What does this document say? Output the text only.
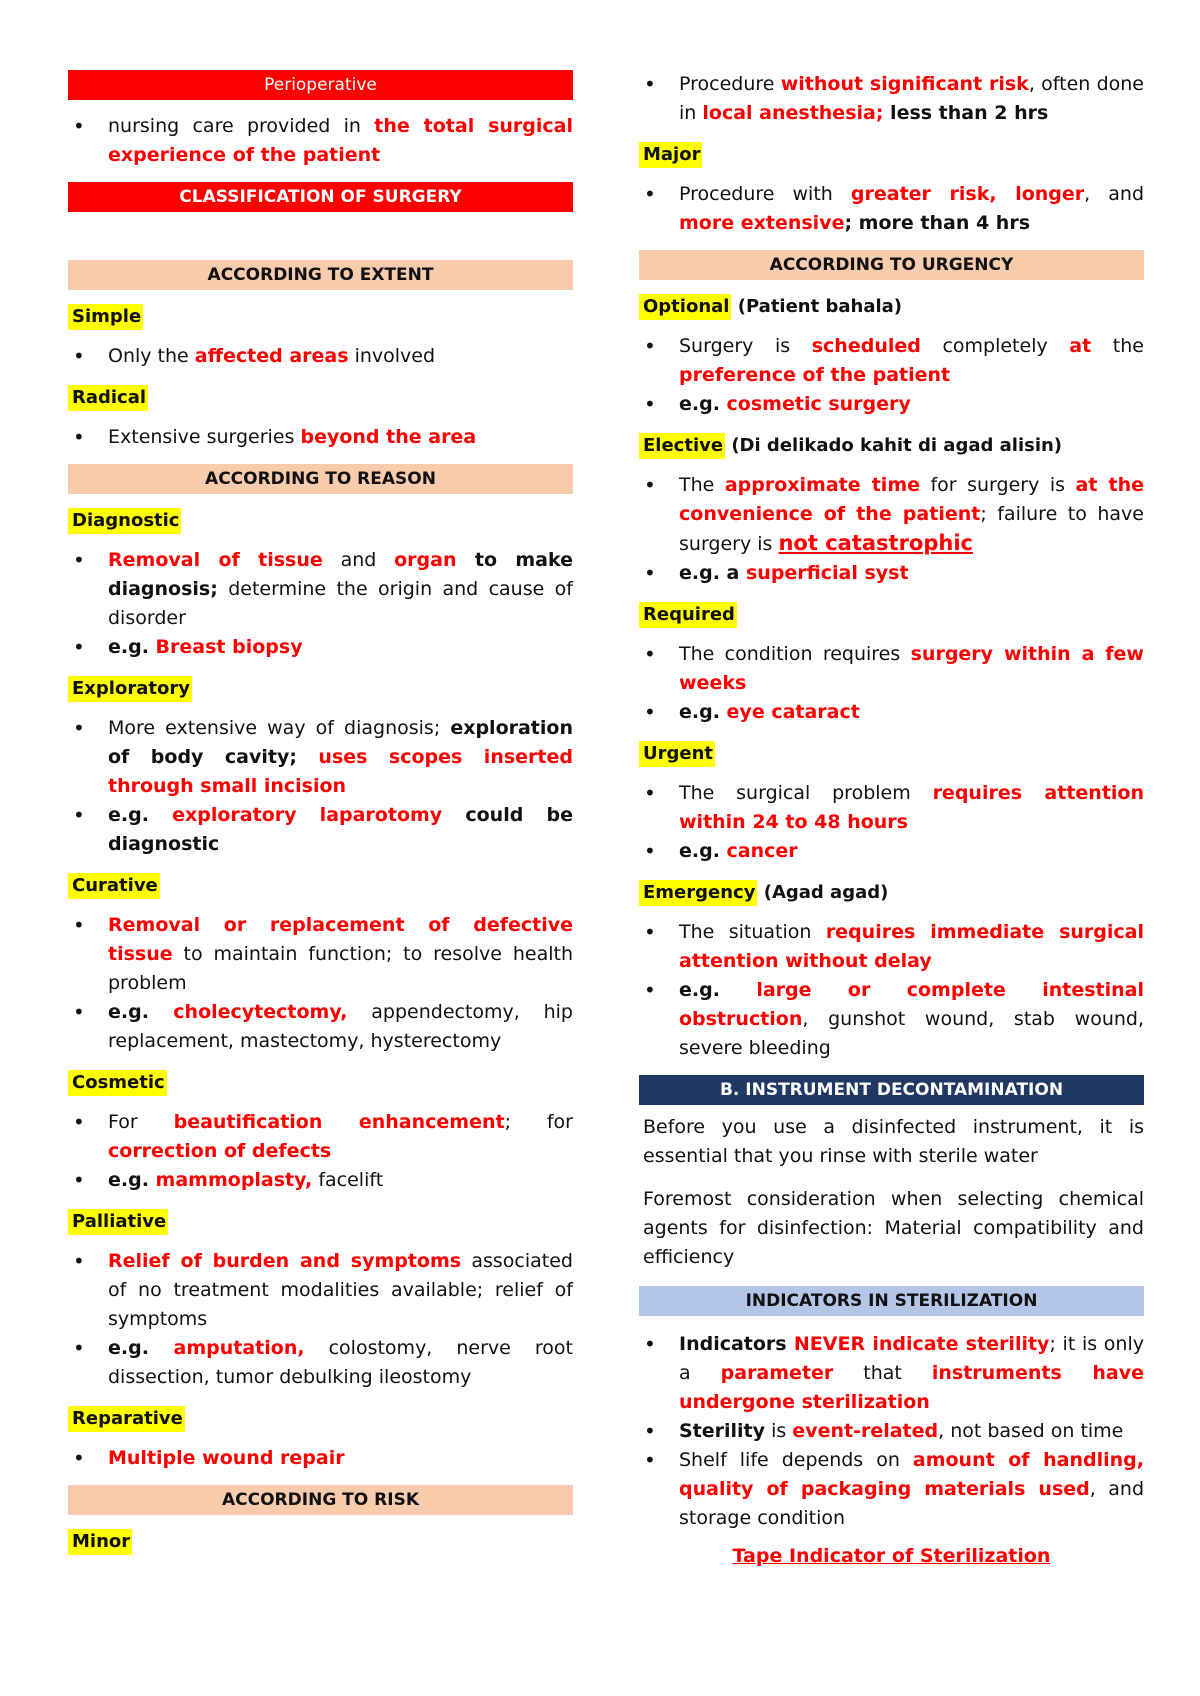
Perioperative
• nursing care provided in the total surgical experience of the patient
CLASSIFICATION OF SURGERY
ACCORDING TO EXTENT
Simple
• Only the affected areas involved
Radical
• Extensive surgeries beyond the area
ACCORDING TO REASON
Diagnostic
• Removal of tissue and organ to make diagnosis; determine the origin and cause of disorder
• e.g. Breast biopsy
Exploratory
• More extensive way of diagnosis; exploration of body cavity; uses scopes inserted through small incision
• e.g. exploratory laparotomy could be diagnostic
Curative
• Removal or replacement of defective tissue to maintain function; to resolve health problem
• e.g. cholecytectomy, appendectomy, hip replacement, mastectomy, hysterectomy
Cosmetic
• For beautification enhancement; for correction of defects
• e.g. mammoplasty, facelift
Palliative
• Relief of burden and symptoms associated of no treatment modalities available; relief of symptoms
• e.g. amputation, colostomy, nerve root dissection, tumor debulking ileostomy
Reparative
• Multiple wound repair
ACCORDING TO RISK
Minor
• Procedure without significant risk, often done in local anesthesia; less than 2 hrs
Major
• Procedure with greater risk, longer, and more extensive; more than 4 hrs
ACCORDING TO URGENCY
Optional (Patient bahala)
• Surgery is scheduled completely at the preference of the patient
• e.g. cosmetic surgery
Elective (Di delikado kahit di agad alisin)
• The approximate time for surgery is at the convenience of the patient; failure to have surgery is not catastrophic
• e.g. a superficial syst
Required
• The condition requires surgery within a few weeks
• e.g. eye cataract
Urgent
• The surgical problem requires attention within 24 to 48 hours
• e.g. cancer
Emergency (Agad agad)
• The situation requires immediate surgical attention without delay
• e.g. large or complete intestinal obstruction, gunshot wound, stab wound, severe bleeding
B. INSTRUMENT DECONTAMINATION
Before you use a disinfected instrument, it is essential that you rinse with sterile water
Foremost consideration when selecting chemical agents for disinfection: Material compatibility and efficiency
INDICATORS IN STERILIZATION
• Indicators NEVER indicate sterility; it is only a parameter that instruments have undergone sterilization
• Sterility is event-related, not based on time
• Shelf life depends on amount of handling, quality of packaging materials used, and storage condition
Tape Indicator of Sterilization
